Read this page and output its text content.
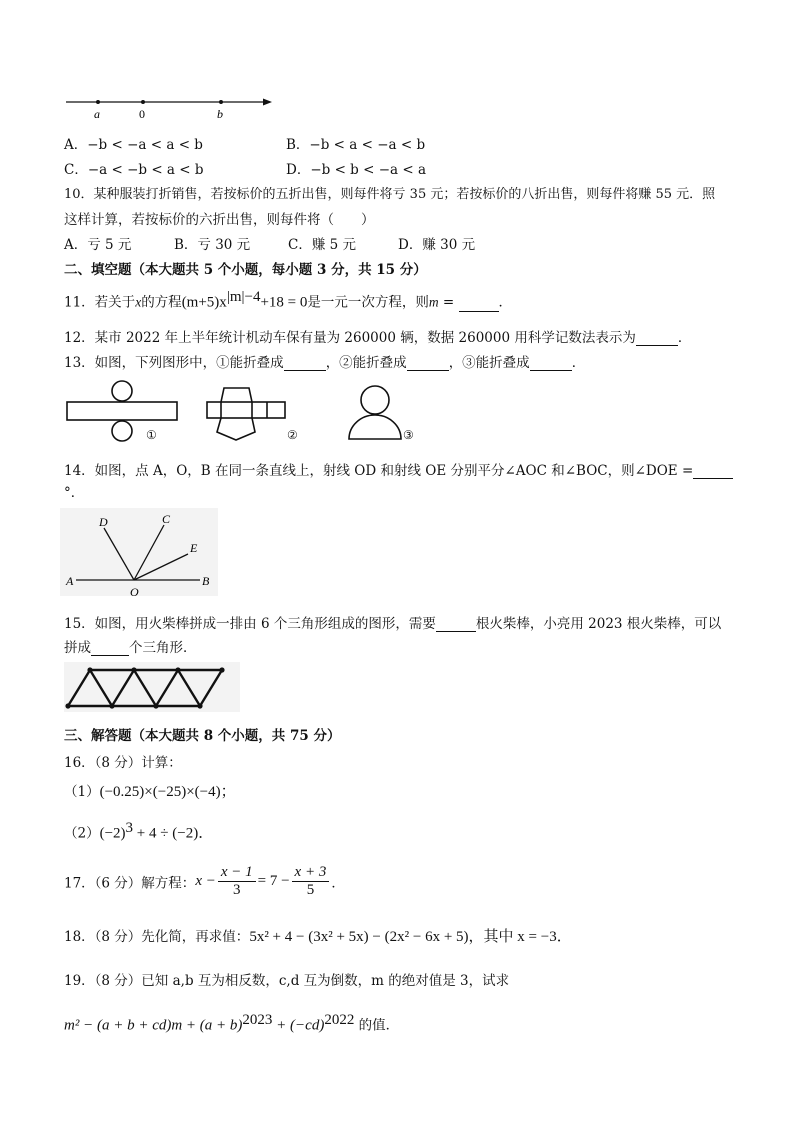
a	0	b
A．−b < −a < a < b	B．−b < a < −a < b
C．−a < −b < a < b	D．−b < b < −a < a
10．某种服装打折销售，若按标价的五折出售，则每件将亏 35 元；若按标价的八折出售，则每件将赚 55 元．照
这样计算，若按标价的六折出售，则每件将（　　）
A．亏 5 元	B．亏 30 元	C．赚 5 元	D．赚 30 元
二、填空题（本大题共 5 个小题，每小题 3 分，共 15 分）
11．若关于x的方程$(m+5)x^{|m|-4}+18 = 0$是一元一次方程，则m =	．
12．某市 2022 年上半年统计机动车保有量为 260000 辆，数据 260000 用科学记数法表示为	．
13．如图，下列图形中，①能折叠成	，②能折叠成	，③能折叠成	．
①	②	③
14．如图，点 A，O，B 在同一条直线上，射线 OD 和射线 OE 分别平分∠AOC 和∠BOC，则∠DOE =
°．
A
O
B
C
D
E
15．如图，用火柴棒拼成一排由 6 个三角形组成的图形，需要	根火柴棒，小亮用 2023 根火柴棒，可以
拼成	个三角形．
三、解答题（本大题共 8 个小题，共 75 分）
16．（8 分）计算：
（1）(−0.25)×(−25)×(−4)；
$(2)(-2)^3 + 4 \div (-2)$．
17．（6 分）解方程：$x - \frac{x - 1}{3} = 7 - \frac{x + 3}{5}$ ．
18．（8 分）先化简，再求值：5x² + 4 − (3x² + 5x) − (2x² − 6x + 5)，其中 x = −3．
19．（8 分）已知 a,b 互为相反数，c,d 互为倒数，m 的绝对值是 3，试求
$m^2 - (a + b + cd)m + (a + b)^{2023} + (-cd)^{2022}$ 的值．
